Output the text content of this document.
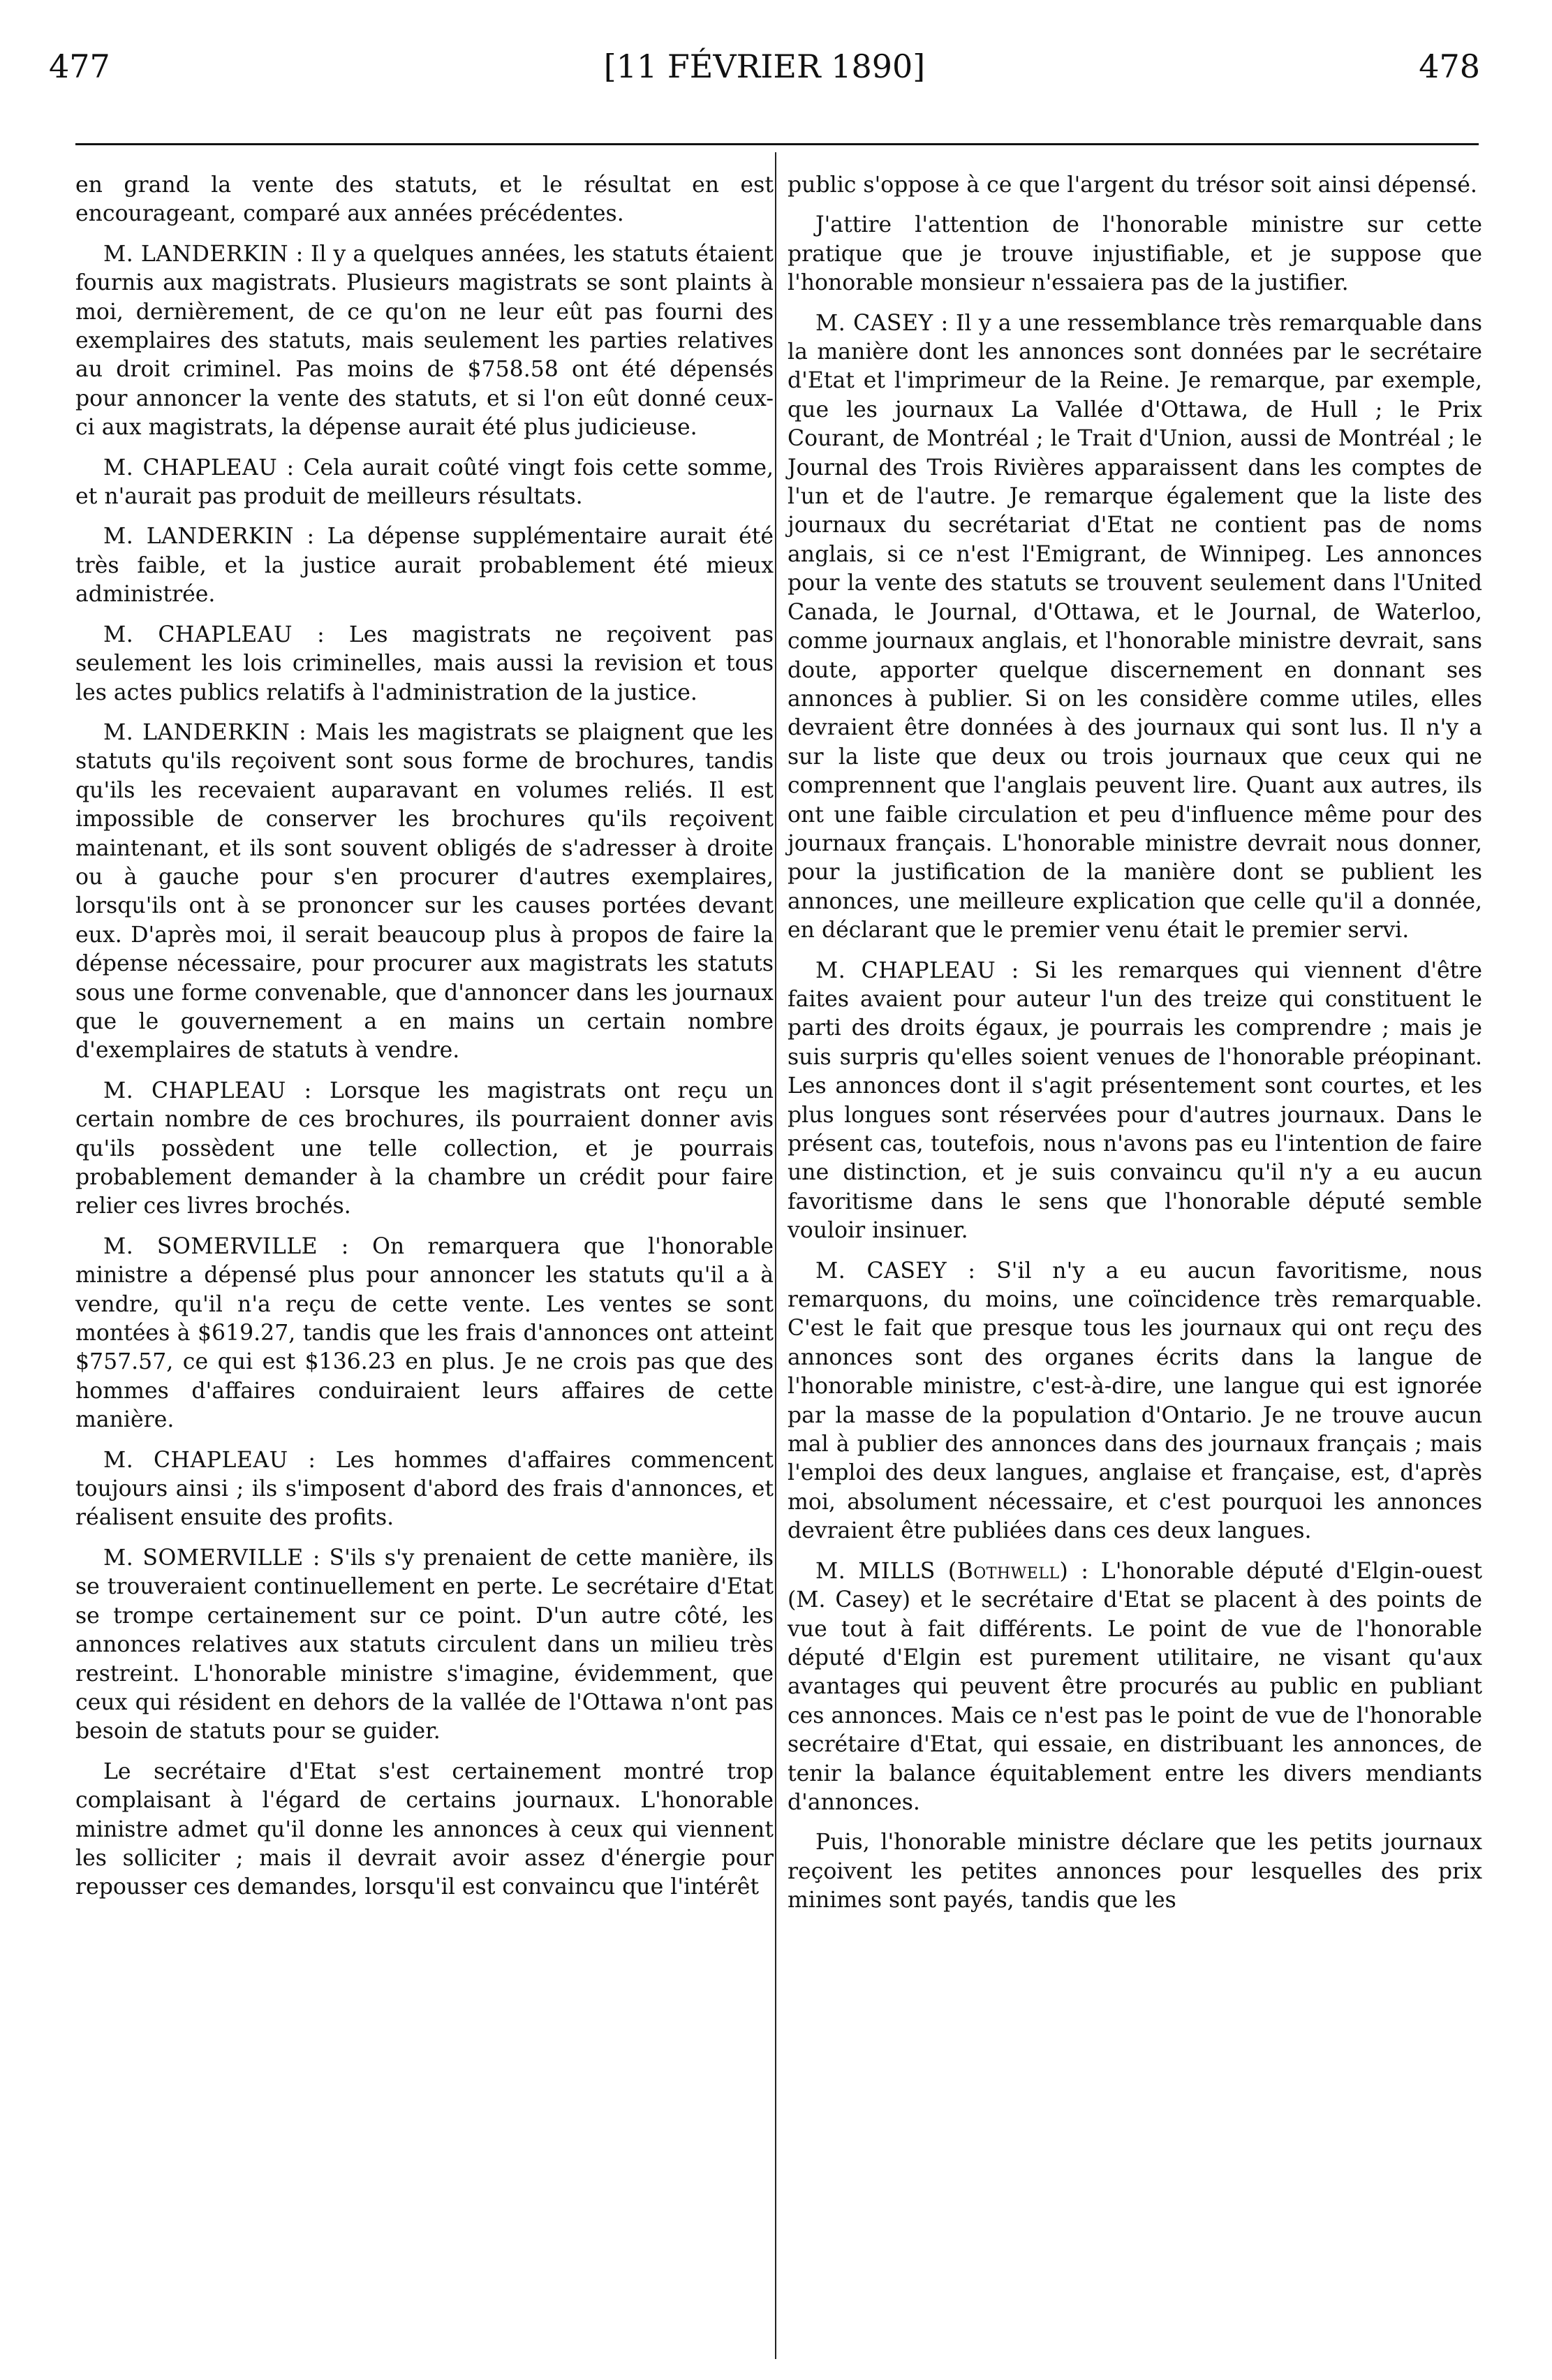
477	[11 FÉVRIER 1890]	478

en grand la vente des statuts, et le résultat en est encourageant, comparé aux années précédentes.

M. LANDERKIN : Il y a quelques années, les statuts étaient fournis aux magistrats. Plusieurs magistrats se sont plaints à moi, dernièrement, de ce qu'on ne leur eût pas fourni des exemplaires des statuts, mais seulement les parties relatives au droit criminel. Pas moins de $758.58 ont été dépensés pour annoncer la vente des statuts, et si l'on eût donné ceux-ci aux magistrats, la dépense aurait été plus judicieuse.

M. CHAPLEAU : Cela aurait coûté vingt fois cette somme, et n'aurait pas produit de meilleurs résultats.

M. LANDERKIN : La dépense supplémentaire aurait été très faible, et la justice aurait probablement été mieux administrée.

M. CHAPLEAU : Les magistrats ne reçoivent pas seulement les lois criminelles, mais aussi la revision et tous les actes publics relatifs à l'administration de la justice.

M. LANDERKIN : Mais les magistrats se plaignent que les statuts qu'ils reçoivent sont sous forme de brochures, tandis qu'ils les recevaient auparavant en volumes reliés. Il est impossible de conserver les brochures qu'ils reçoivent maintenant, et ils sont souvent obligés de s'adresser à droite ou à gauche pour s'en procurer d'autres exemplaires, lorsqu'ils ont à se prononcer sur les causes portées devant eux. D'après moi, il serait beaucoup plus à propos de faire la dépense nécessaire, pour procurer aux magistrats les statuts sous une forme convenable, que d'annoncer dans les journaux que le gouvernement a en mains un certain nombre d'exemplaires de statuts à vendre.

M. CHAPLEAU : Lorsque les magistrats ont reçu un certain nombre de ces brochures, ils pourraient donner avis qu'ils possèdent une telle collection, et je pourrais probablement demander à la chambre un crédit pour faire relier ces livres brochés.

M. SOMERVILLE : On remarquera que l'honorable ministre a dépensé plus pour annoncer les statuts qu'il a à vendre, qu'il n'a reçu de cette vente. Les ventes se sont montées à $619.27, tandis que les frais d'annonces ont atteint $757.57, ce qui est $136.23 en plus. Je ne crois pas que des hommes d'affaires conduiraient leurs affaires de cette manière.

M. CHAPLEAU : Les hommes d'affaires commencent toujours ainsi ; ils s'imposent d'abord des frais d'annonces, et réalisent ensuite des profits.

M. SOMERVILLE : S'ils s'y prenaient de cette manière, ils se trouveraient continuellement en perte. Le secrétaire d'Etat se trompe certainement sur ce point. D'un autre côté, les annonces relatives aux statuts circulent dans un milieu très restreint. L'honorable ministre s'imagine, évidemment, que ceux qui résident en dehors de la vallée de l'Ottawa n'ont pas besoin de statuts pour se guider.

Le secrétaire d'Etat s'est certainement montré trop complaisant à l'égard de certains journaux. L'honorable ministre admet qu'il donne les annonces à ceux qui viennent les solliciter ; mais il devrait avoir assez d'énergie pour repousser ces demandes, lorsqu'il est convaincu que l'intérêt

public s'oppose à ce que l'argent du trésor soit ainsi dépensé.

J'attire l'attention de l'honorable ministre sur cette pratique que je trouve injustifiable, et je suppose que l'honorable monsieur n'essaiera pas de la justifier.

M. CASEY : Il y a une ressemblance très remarquable dans la manière dont les annonces sont données par le secrétaire d'Etat et l'imprimeur de la Reine. Je remarque, par exemple, que les journaux La Vallée d'Ottawa, de Hull ; le Prix Courant, de Montréal ; le Trait d'Union, aussi de Montréal ; le Journal des Trois Rivières apparaissent dans les comptes de l'un et de l'autre. Je remarque également que la liste des journaux du secrétariat d'Etat ne contient pas de noms anglais, si ce n'est l'Emigrant, de Winnipeg. Les annonces pour la vente des statuts se trouvent seulement dans l'United Canada, le Journal, d'Ottawa, et le Journal, de Waterloo, comme journaux anglais, et l'honorable ministre devrait, sans doute, apporter quelque discernement en donnant ses annonces à publier. Si on les considère comme utiles, elles devraient être données à des journaux qui sont lus. Il n'y a sur la liste que deux ou trois journaux que ceux qui ne comprennent que l'anglais peuvent lire. Quant aux autres, ils ont une faible circulation et peu d'influence même pour des journaux français. L'honorable ministre devrait nous donner, pour la justification de la manière dont se publient les annonces, une meilleure explication que celle qu'il a donnée, en déclarant que le premier venu était le premier servi.

M. CHAPLEAU : Si les remarques qui viennent d'être faites avaient pour auteur l'un des treize qui constituent le parti des droits égaux, je pourrais les comprendre ; mais je suis surpris qu'elles soient venues de l'honorable préopinant. Les annonces dont il s'agit présentement sont courtes, et les plus longues sont réservées pour d'autres journaux. Dans le présent cas, toutefois, nous n'avons pas eu l'intention de faire une distinction, et je suis convaincu qu'il n'y a eu aucun favoritisme dans le sens que l'honorable député semble vouloir insinuer.

M. CASEY : S'il n'y a eu aucun favoritisme, nous remarquons, du moins, une coïncidence très remarquable. C'est le fait que presque tous les journaux qui ont reçu des annonces sont des organes écrits dans la langue de l'honorable ministre, c'est-à-dire, une langue qui est ignorée par la masse de la population d'Ontario. Je ne trouve aucun mal à publier des annonces dans des journaux français ; mais l'emploi des deux langues, anglaise et française, est, d'après moi, absolument nécessaire, et c'est pourquoi les annonces devraient être publiées dans ces deux langues.

M. MILLS (Bothwell) : L'honorable député d'Elgin-ouest (M. Casey) et le secrétaire d'Etat se placent à des points de vue tout à fait différents. Le point de vue de l'honorable député d'Elgin est purement utilitaire, ne visant qu'aux avantages qui peuvent être procurés au public en publiant ces annonces. Mais ce n'est pas le point de vue de l'honorable secrétaire d'Etat, qui essaie, en distribuant les annonces, de tenir la balance équitablement entre les divers mendiants d'annonces.

Puis, l'honorable ministre déclare que les petits journaux reçoivent les petites annonces pour lesquelles des prix minimes sont payés, tandis que les
